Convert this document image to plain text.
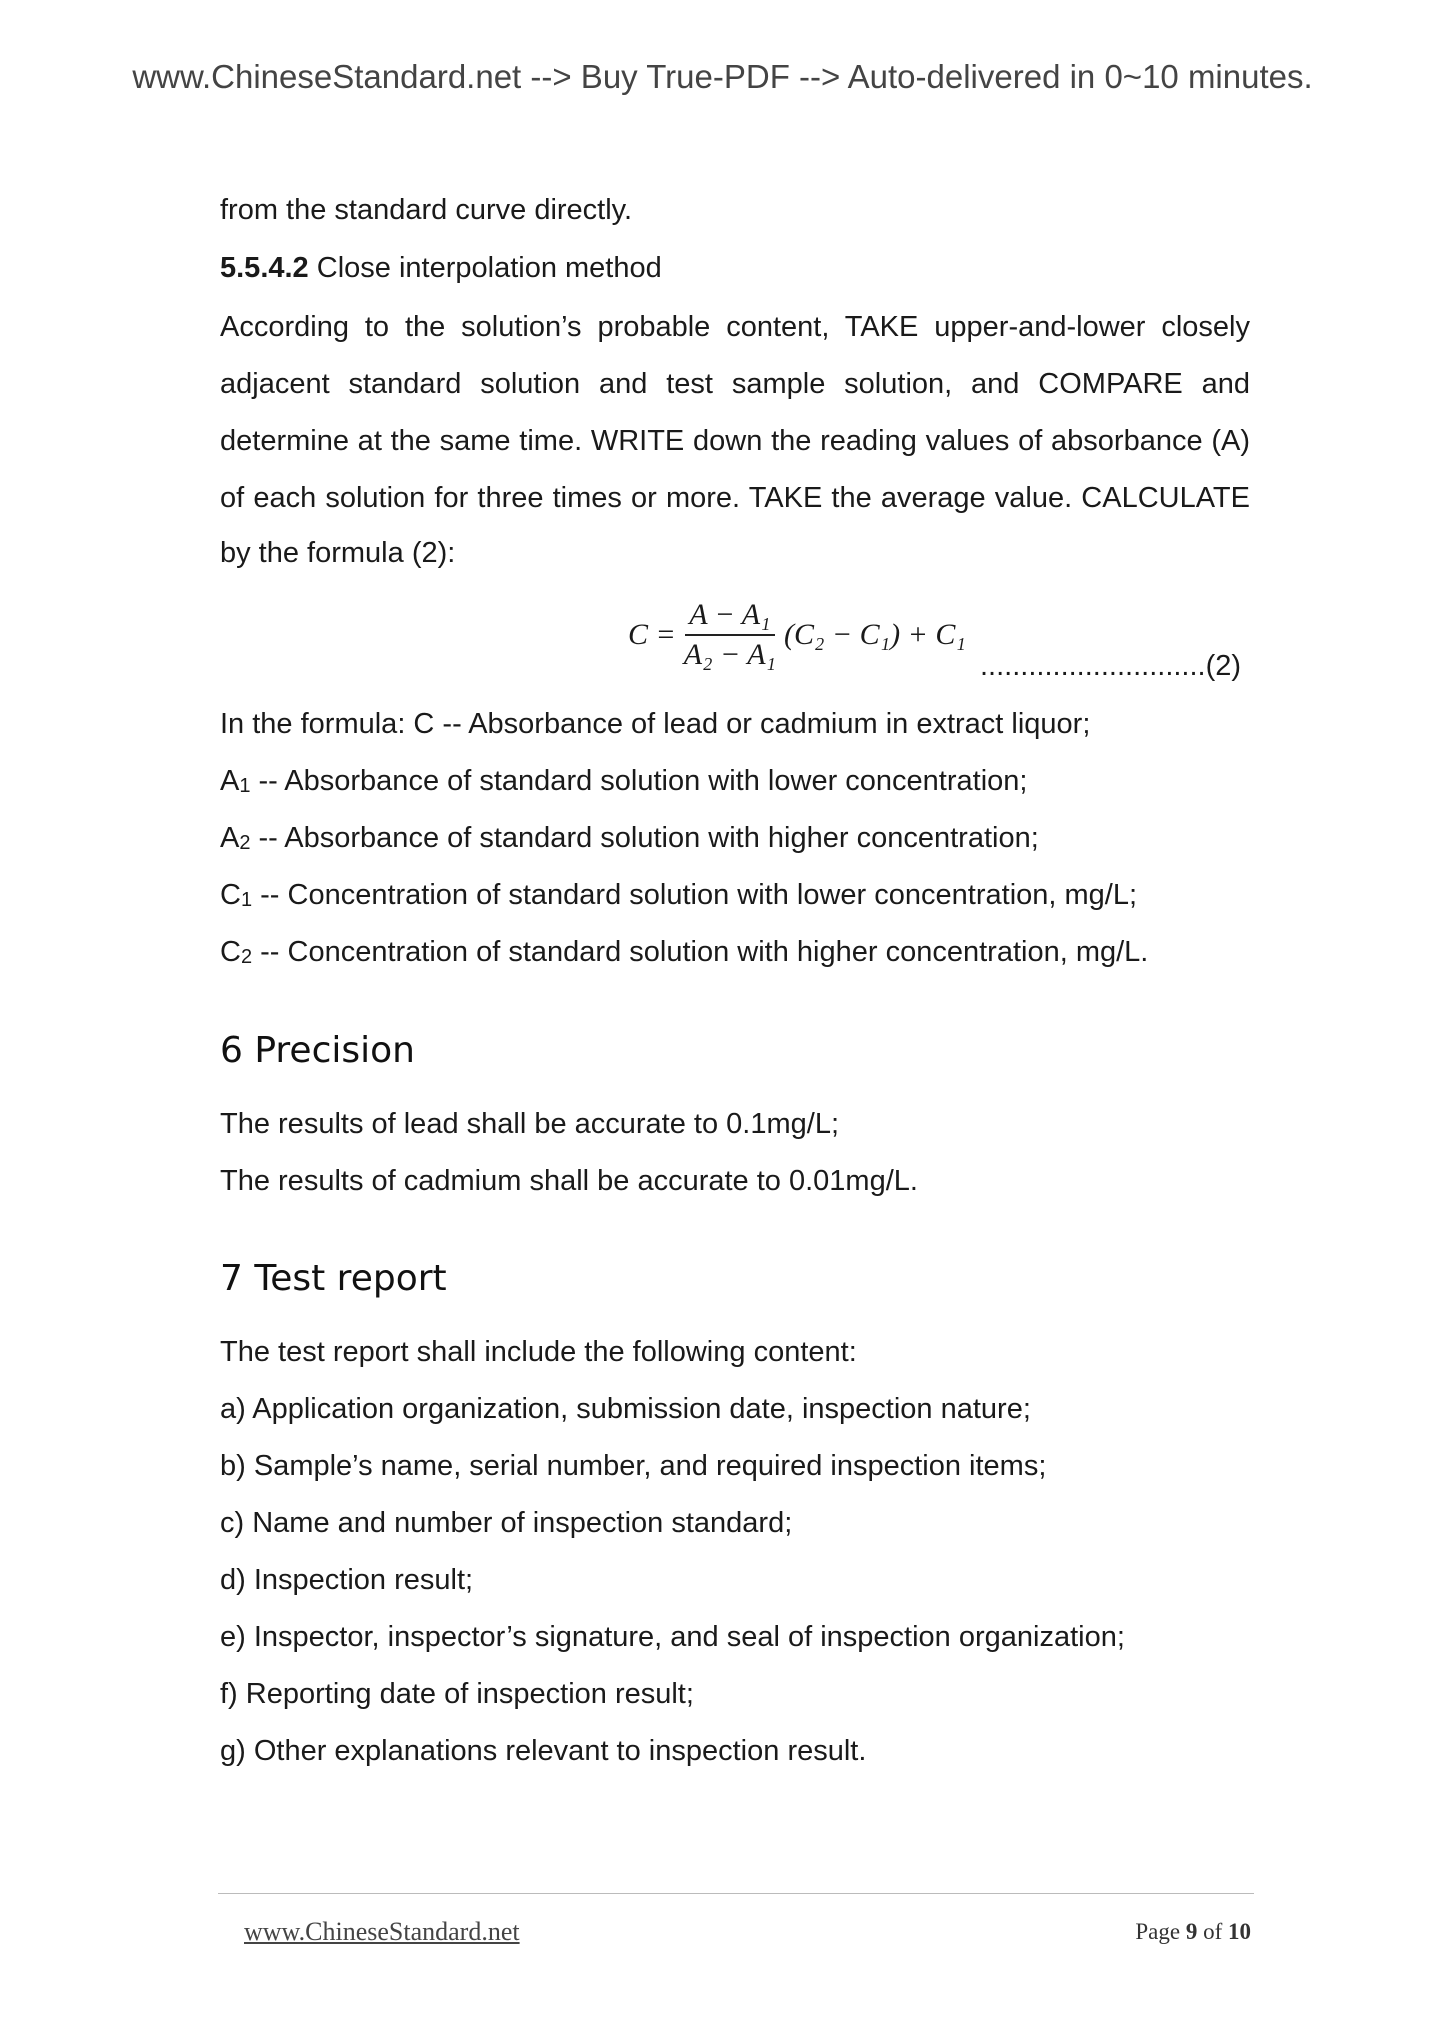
www.ChineseStandard.net --> Buy True-PDF --> Auto-delivered in 0~10 minutes.
from the standard curve directly.
5.5.4.2 Close interpolation method
According to the solution’s probable content, TAKE upper-and-lower closely
adjacent standard solution and test sample solution, and COMPARE and
determine at the same time. WRITE down the reading values of absorbance (A)
of each solution for three times or more. TAKE the average value. CALCULATE
by the formula (2):
$C = \frac{\text{A − A₁}}{\text{A₂ − A₁}} (C_2 - C_1) + C_1$
............................(2)
In the formula: C -- Absorbance of lead or cadmium in extract liquor;
$A_1$ -- Absorbance of standard solution with lower concentration;
$A_2$ -- Absorbance of standard solution with higher concentration;
$C_1$ -- Concentration of standard solution with lower concentration, mg/L;
$C_2$ -- Concentration of standard solution with higher concentration, mg/L.
6 Precision
The results of lead shall be accurate to 0.1mg/L;
The results of cadmium shall be accurate to 0.01mg/L.
7 Test report
The test report shall include the following content:
a) Application organization, submission date, inspection nature;
b) Sample’s name, serial number, and required inspection items;
c) Name and number of inspection standard;
d) Inspection result;
e) Inspector, inspector’s signature, and seal of inspection organization;
f) Reporting date of inspection result;
g) Other explanations relevant to inspection result.
www.ChineseStandard.net	Page 9 of 10
